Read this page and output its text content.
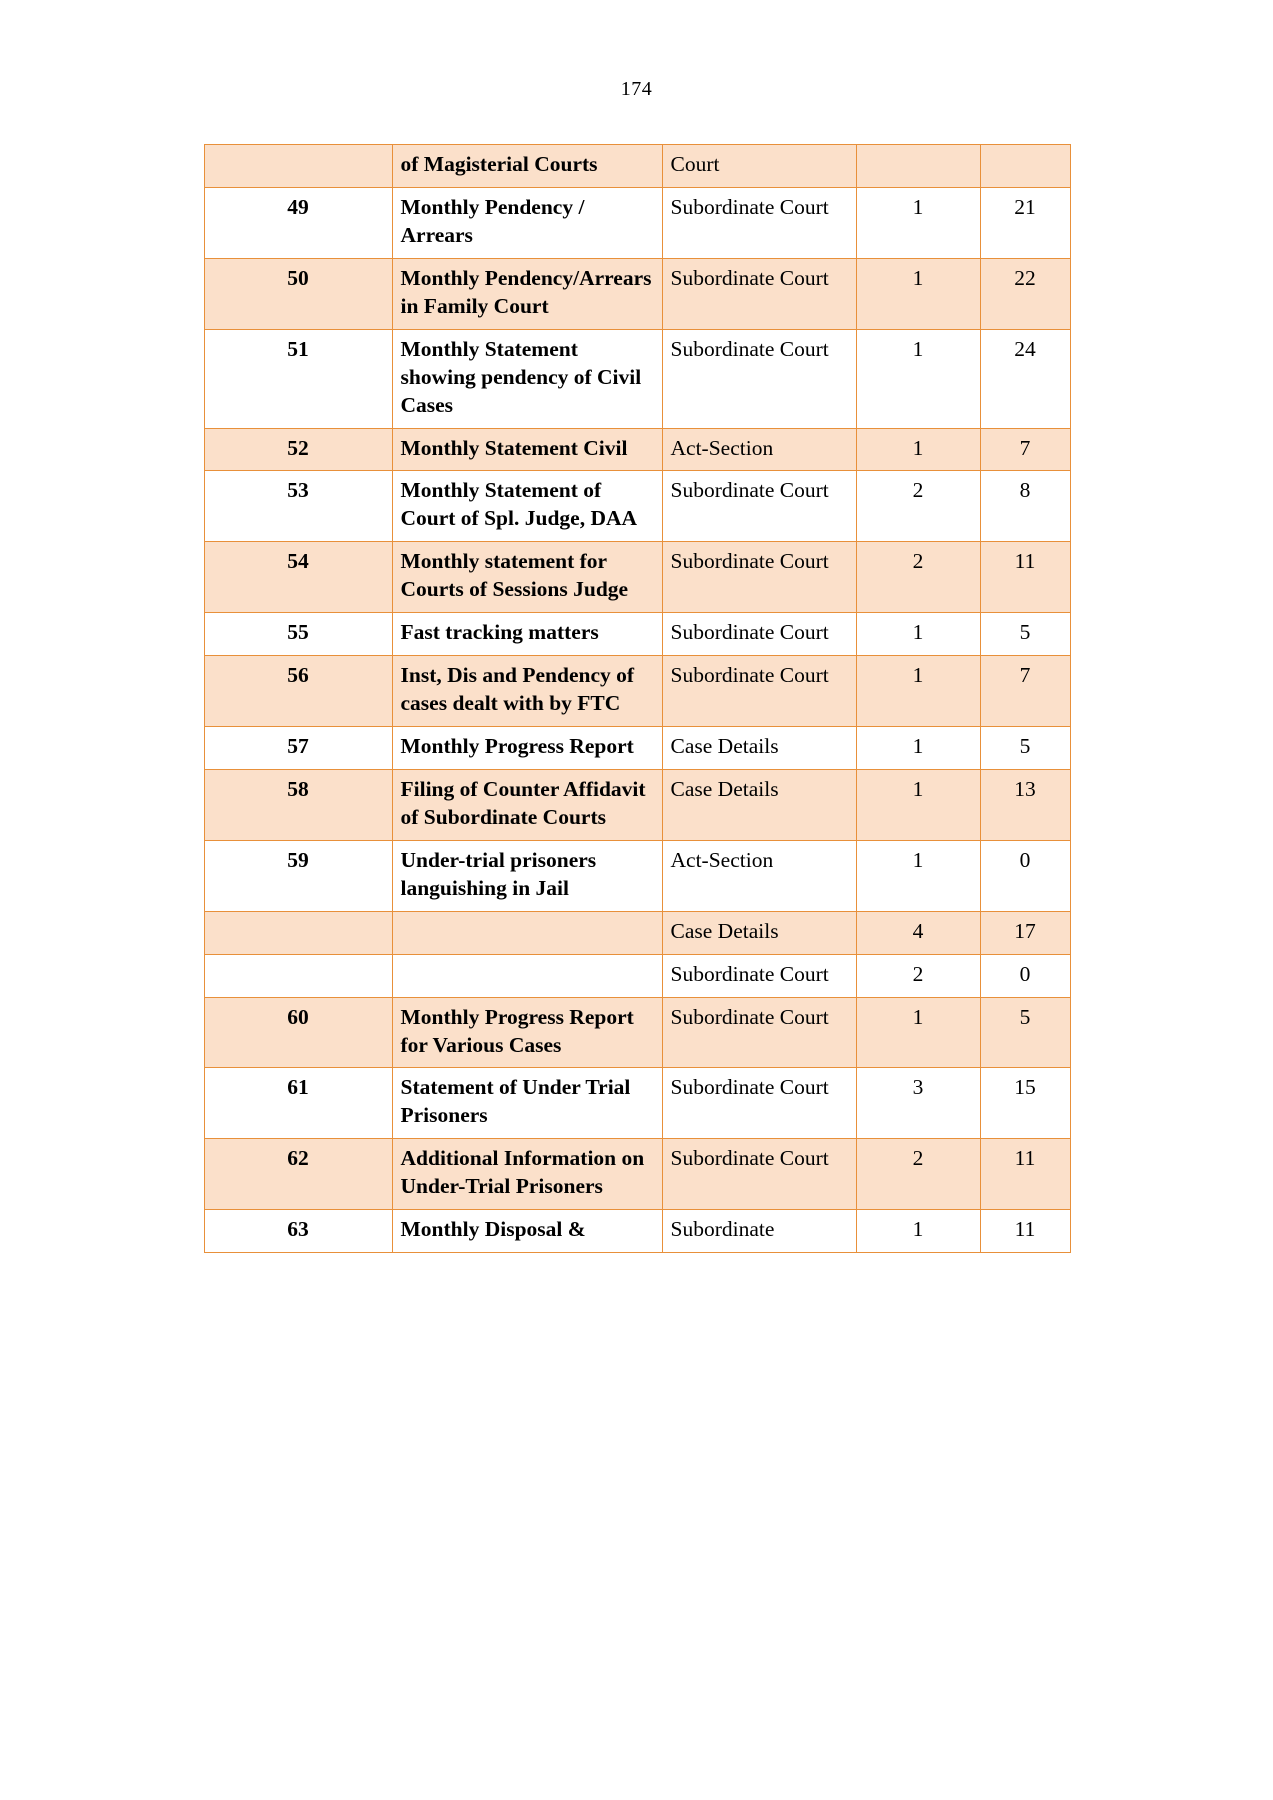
174
	of Magisterial Courts	Court		
49	Monthly Pendency / Arrears	Subordinate Court	1	21
50	Monthly Pendency/Arrears in Family Court	Subordinate Court	1	22
51	Monthly Statement showing pendency of Civil Cases	Subordinate Court	1	24
52	Monthly Statement Civil	Act-Section	1	7
53	Monthly Statement of Court of Spl. Judge, DAA	Subordinate Court	2	8
54	Monthly statement for Courts of Sessions Judge	Subordinate Court	2	11
55	Fast tracking matters	Subordinate Court	1	5
56	Inst, Dis and Pendency of cases dealt with by FTC	Subordinate Court	1	7
57	Monthly Progress Report	Case Details	1	5
58	Filing of Counter Affidavit of Subordinate Courts	Case Details	1	13
59	Under-trial prisoners languishing in Jail	Act-Section	1	0
		Case Details	4	17
		Subordinate Court	2	0
60	Monthly Progress Report for Various Cases	Subordinate Court	1	5
61	Statement of Under Trial Prisoners	Subordinate Court	3	15
62	Additional Information on Under-Trial Prisoners	Subordinate Court	2	11
63	Monthly Disposal &	Subordinate	1	11
